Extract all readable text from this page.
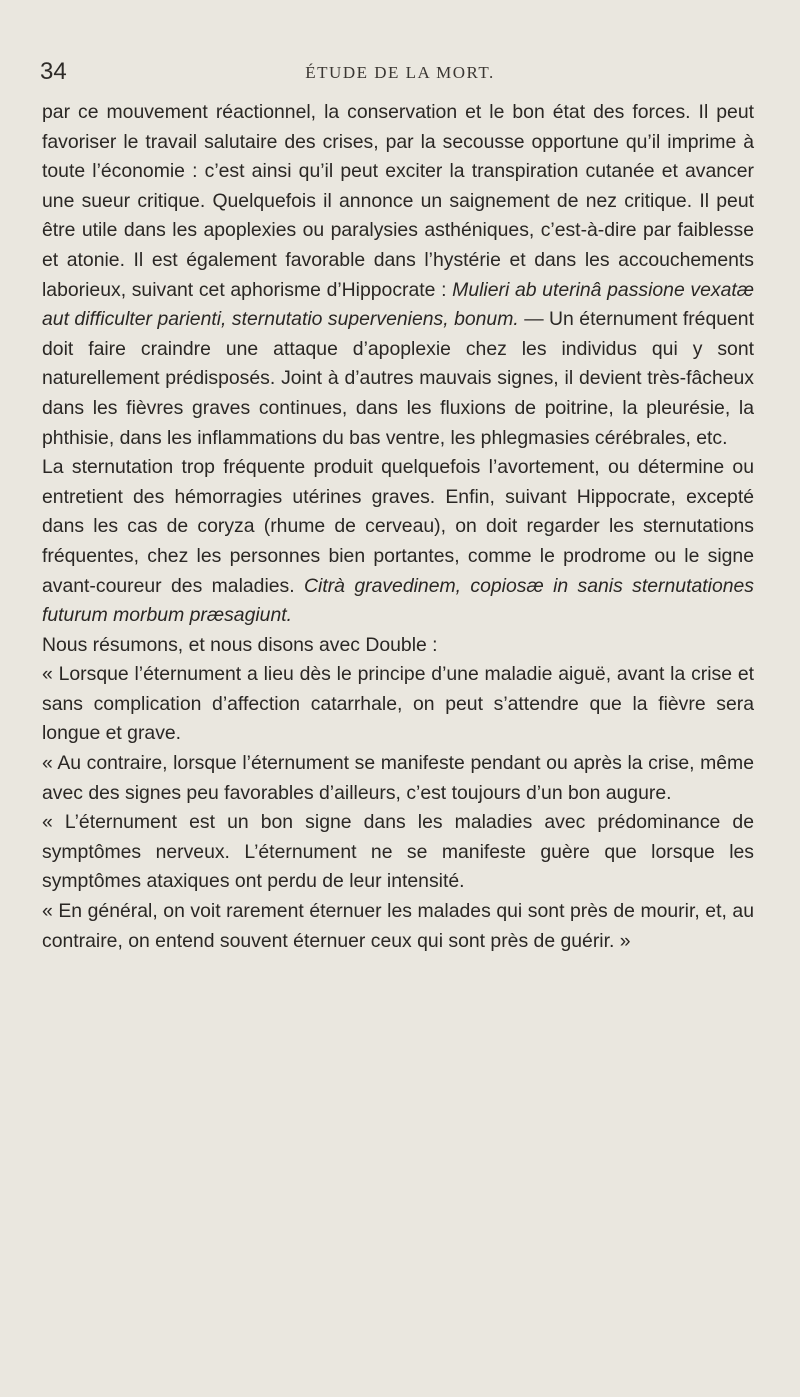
34	ÉTUDE DE LA MORT.

par ce mouvement réactionnel, la conservation et le bon état des forces. Il peut favoriser le travail salutaire des crises, par la secousse opportune qu’il imprime à toute l’économie : c’est ainsi qu’il peut exciter la transpiration cutanée et avancer une sueur critique. Quelquefois il annonce un saignement de nez critique. Il peut être utile dans les apoplexies ou paralysies asthéniques, c’est-à-dire par faiblesse et atonie. Il est également favorable dans l’hystérie et dans les accouchements laborieux, suivant cet aphorisme d’Hippocrate : Mulieri ab uterinâ passione vexatæ aut difficulter parienti, sternutatio superveniens, bonum. — Un éternument fréquent doit faire craindre une attaque d’apoplexie chez les individus qui y sont naturellement prédisposés. Joint à d’autres mauvais signes, il devient très-fâcheux dans les fièvres graves continues, dans les fluxions de poitrine, la pleurésie, la phthisie, dans les inflammations du bas ventre, les phlegmasies cérébrales, etc.

La sternutation trop fréquente produit quelquefois l’avortement, ou détermine ou entretient des hémorragies utérines graves. Enfin, suivant Hippocrate, excepté dans les cas de coryza (rhume de cerveau), on doit regarder les sternutations fréquentes, chez les personnes bien portantes, comme le prodrome ou le signe avant-coureur des maladies. Citrà gravedinem, copiosæ in sanis sternutationes futurum morbum præsagiunt.

Nous résumons, et nous disons avec Double :

« Lorsque l’éternument a lieu dès le principe d’une maladie aiguë, avant la crise et sans complication d’affection catarrhale, on peut s’attendre que la fièvre sera longue et grave.

« Au contraire, lorsque l’éternument se manifeste pendant ou après la crise, même avec des signes peu favorables d’ailleurs, c’est toujours d’un bon augure.

« L’éternument est un bon signe dans les maladies avec prédominance de symptômes nerveux. L’éternument ne se manifeste guère que lorsque les symptômes ataxiques ont perdu de leur intensité.

« En général, on voit rarement éternuer les malades qui sont près de mourir, et, au contraire, on entend souvent éternuer ceux qui sont près de guérir. »
